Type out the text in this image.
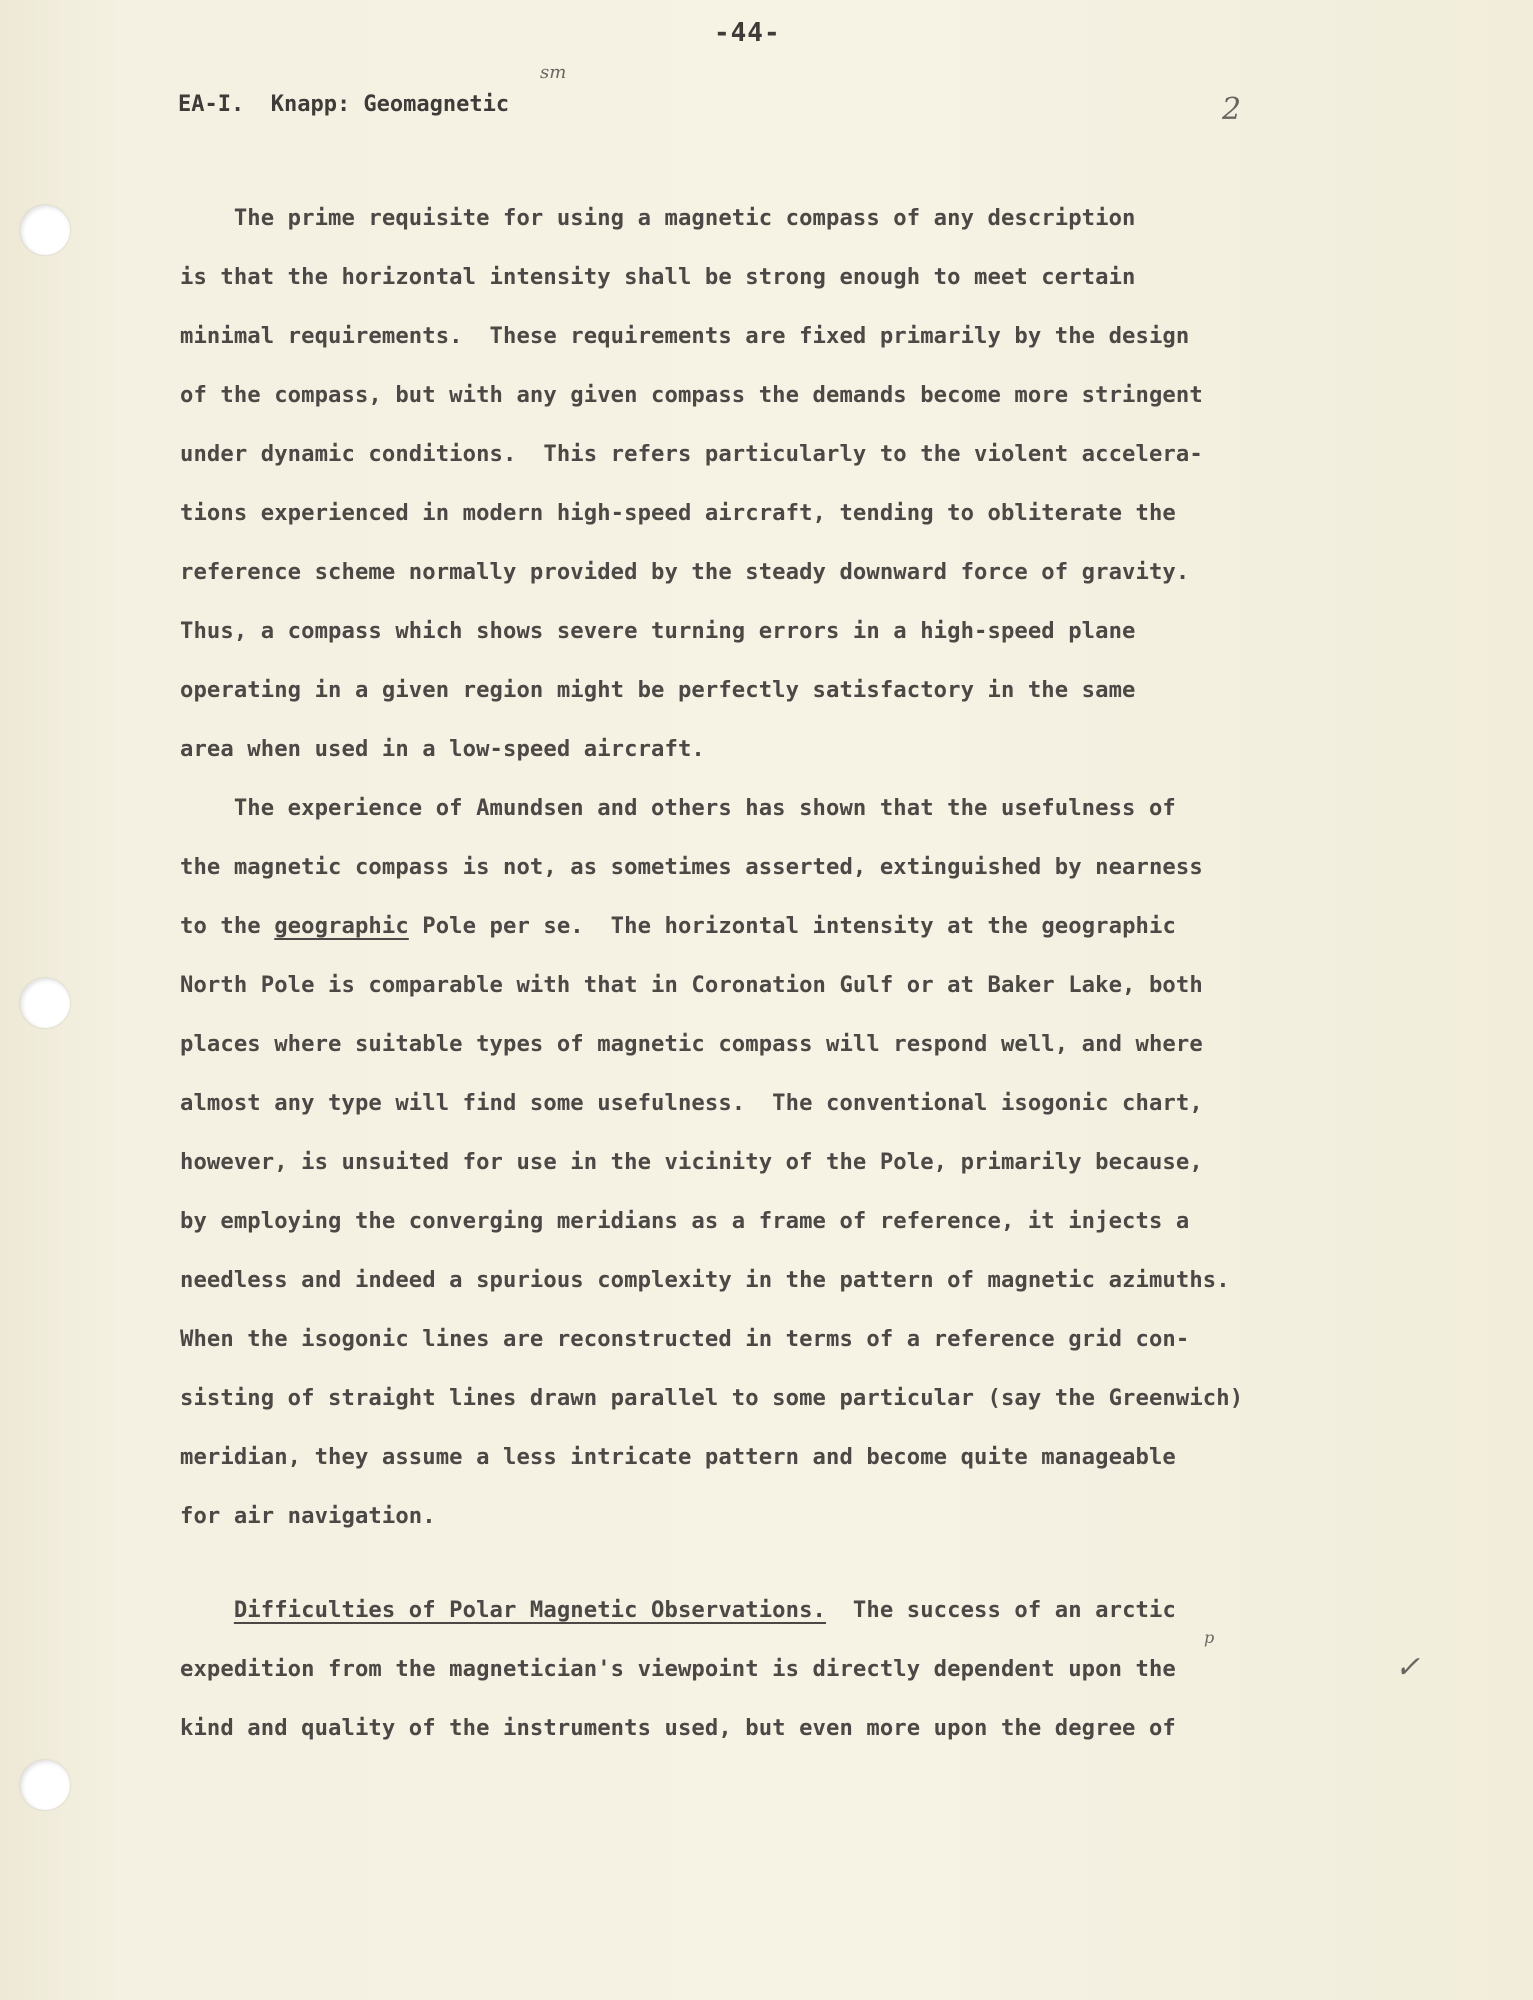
-44-
EA-I.  Knapp: Geomagnetic
sm
2
The prime requisite for using a magnetic compass of any description
is that the horizontal intensity shall be strong enough to meet certain
minimal requirements.  These requirements are fixed primarily by the design
of the compass, but with any given compass the demands become more stringent
under dynamic conditions.  This refers particularly to the violent accelera-
tions experienced in modern high-speed aircraft, tending to obliterate the
reference scheme normally provided by the steady downward force of gravity.
Thus, a compass which shows severe turning errors in a high-speed plane
operating in a given region might be perfectly satisfactory in the same
area when used in a low-speed aircraft.
The experience of Amundsen and others has shown that the usefulness of
the magnetic compass is not, as sometimes asserted, extinguished by nearness
to the geographic Pole per se.  The horizontal intensity at the geographic
North Pole is comparable with that in Coronation Gulf or at Baker Lake, both
places where suitable types of magnetic compass will respond well, and where
almost any type will find some usefulness.  The conventional isogonic chart,
however, is unsuited for use in the vicinity of the Pole, primarily because,
by employing the converging meridians as a frame of reference, it injects a
needless and indeed a spurious complexity in the pattern of magnetic azimuths.
When the isogonic lines are reconstructed in terms of a reference grid con-
sisting of straight lines drawn parallel to some particular (say the Greenwich)
meridian, they assume a less intricate pattern and become quite manageable
for air navigation.
Difficulties of Polar Magnetic Observations.  The success of an arctic
expedition from the magnetician's viewpoint is directly dependent upon the
kind and quality of the instruments used, but even more upon the degree of
p
✓
